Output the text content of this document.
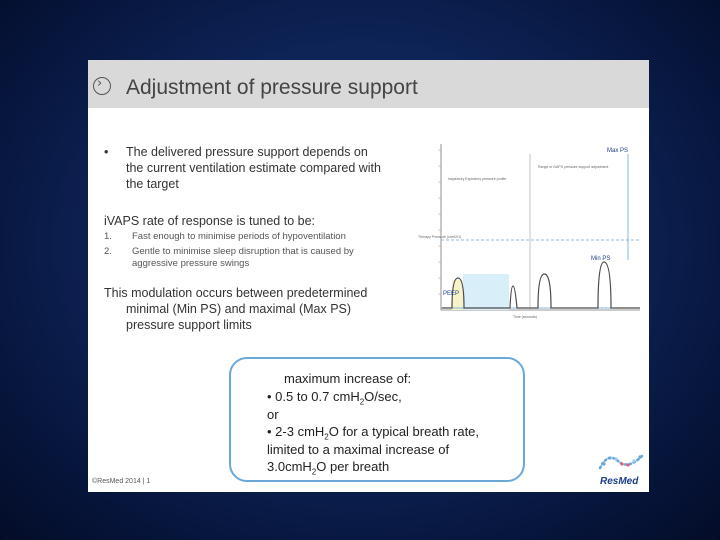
› Adjustment of pressure support
• The delivered pressure support depends on the current ventilation estimate compared with the target
iVAPS rate of response is tuned to be:
1. Fast enough to minimise periods of hypoventilation
2. Gentle to minimise sleep disruption that is caused by aggressive pressure swings
This modulation occurs between predetermined
minimal (Min PS) and maximal (Max PS)
pressure support limits
Max PS
Min PS
PEEP
Inspiratory Expiratory pressure profile
Range of iVAPS pressure support adjustment
Therapy Pressure (cmH2O)
Time (seconds)
maximum increase of:
• 0.5 to 0.7 cmH$_2$O/sec,
or
• 2-3 cmH$_2$O for a typical breath rate,
limited to a maximal increase of
3.0cmH$_2$O per breath
©ResMed 2014 | 1	ResMed
